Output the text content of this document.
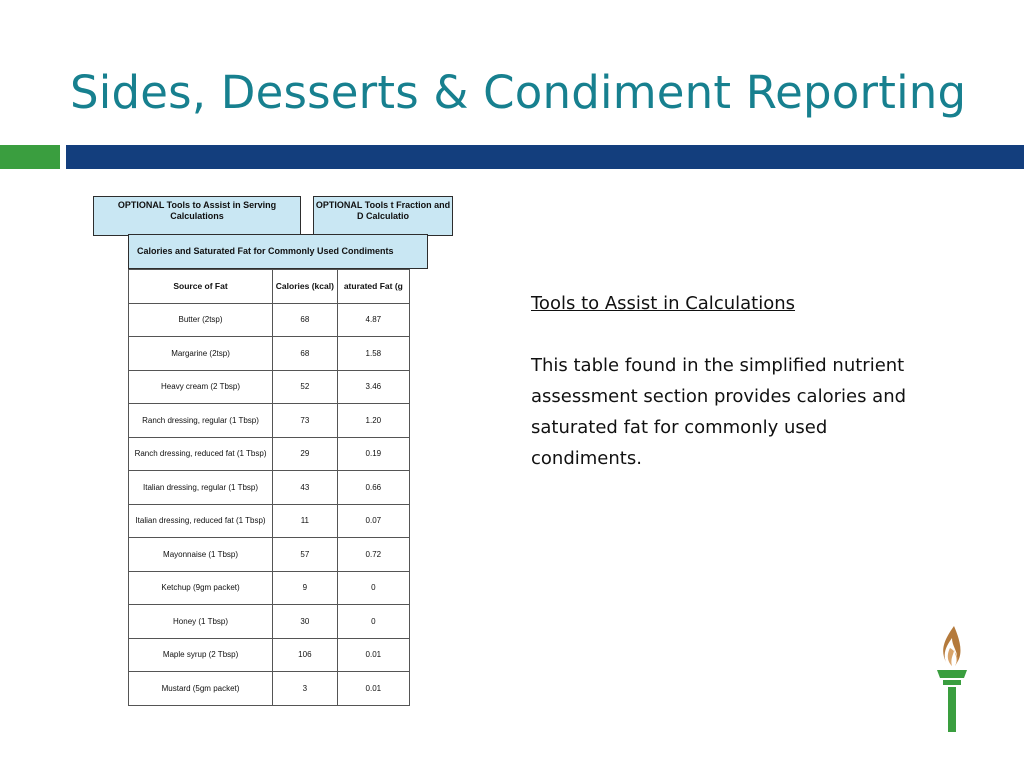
Sides, Desserts & Condiment Reporting
OPTIONAL Tools to Assist in Serving Calculations
OPTIONAL Tools t Fraction and D Calculatio
Calories and Saturated Fat for Commonly Used Condiments
Source of Fat	Calories (kcal)	aturated Fat (g
Butter (2tsp)	68	4.87
Margarine (2tsp)	68	1.58
Heavy cream (2 Tbsp)	52	3.46
Ranch dressing, regular (1 Tbsp)	73	1.20
Ranch dressing, reduced fat (1 Tbsp)	29	0.19
Italian dressing, regular (1 Tbsp)	43	0.66
Italian dressing, reduced fat (1 Tbsp)	11	0.07
Mayonnaise (1 Tbsp)	57	0.72
Ketchup (9gm packet)	9	0
Honey (1 Tbsp)	30	0
Maple syrup (2 Tbsp)	106	0.01
Mustard (5gm packet)	3	0.01
Tools to Assist in Calculations
This table found in the simplified nutrient assessment section provides calories and saturated fat for commonly used condiments.
